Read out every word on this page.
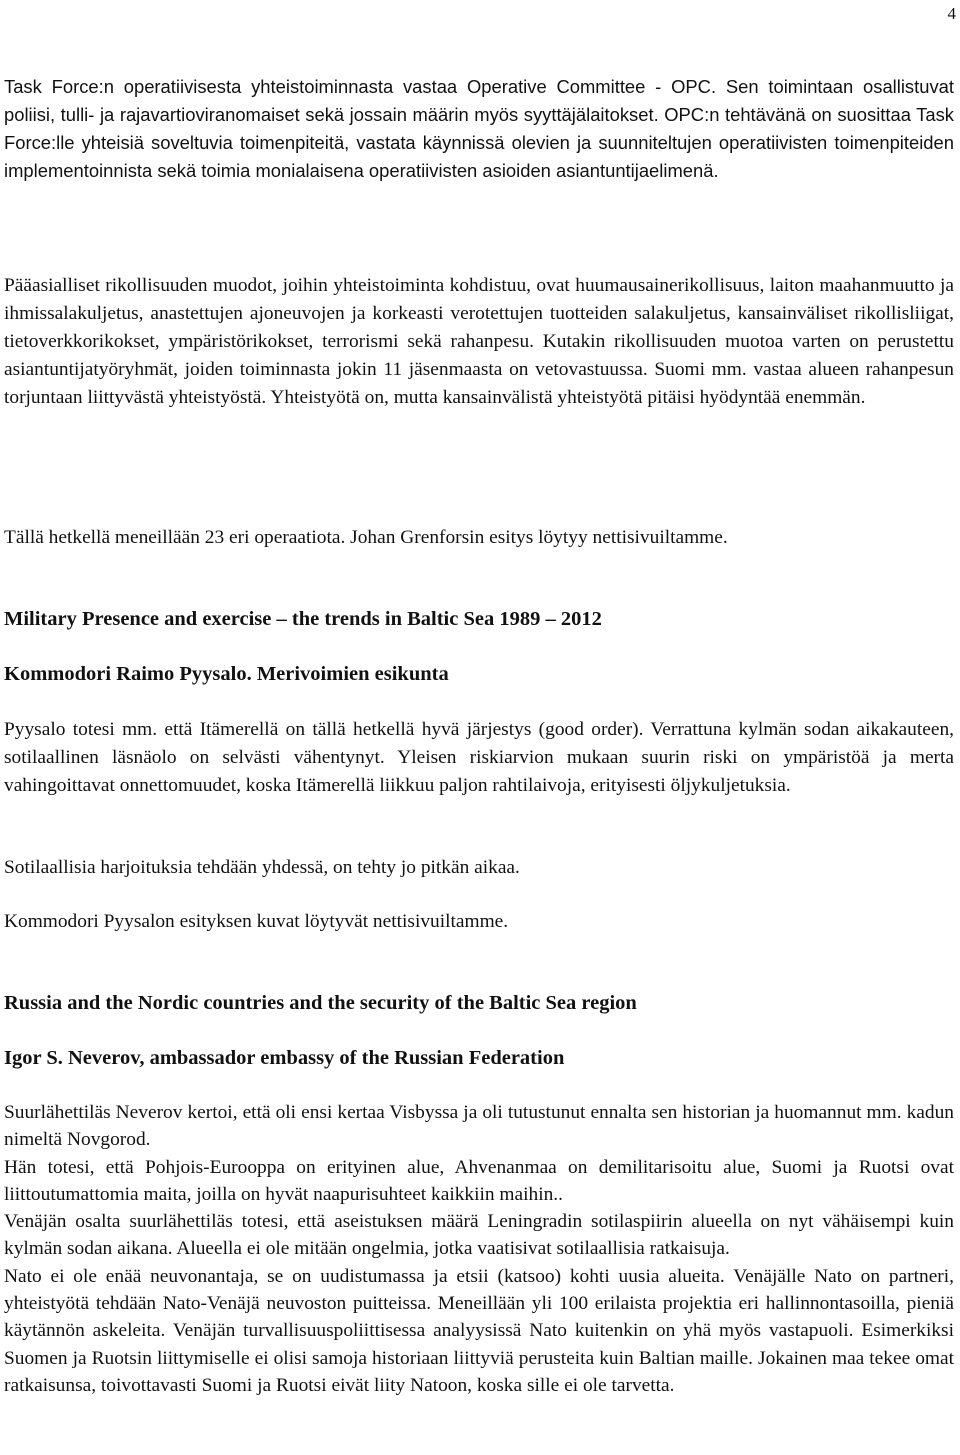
4

Task Force:n operatiivisesta yhteistoiminnasta vastaa Operative Committee - OPC. Sen toimintaan osallistuvat poliisi, tulli- ja rajavartioviranomaiset sekä jossain määrin myös syyttäjälaitokset. OPC:n tehtävänä on suosittaa Task Force:lle yhteisiä soveltuvia toimenpiteitä, vastata käynnissä olevien ja suunniteltujen operatiivisten toimenpiteiden implementoinnista sekä toimia monialaisena operatiivisten asioiden asiantuntijaelimenä.

Pääasialliset rikollisuuden muodot, joihin yhteistoiminta kohdistuu, ovat huumausainerikollisuus, laiton maahanmuutto ja ihmissalakuljetus, anastettujen ajoneuvojen ja korkeasti verotettujen tuotteiden salakuljetus, kansainväliset rikollisliigat, tietoverkkorikokset, ympäristörikokset, terrorismi sekä rahanpesu. Kutakin rikollisuuden muotoa varten on perustettu asiantuntijatyöryhmät, joiden toiminnasta jokin 11 jäsenmaasta on vetovastuussa. Suomi mm. vastaa alueen rahanpesun torjuntaan liittyvästä yhteistyöstä. Yhteistyötä on, mutta kansainvälistä yhteistyötä pitäisi hyödyntää enemmän.

Tällä hetkellä meneillään 23 eri operaatiota. Johan Grenforsin esitys löytyy nettisivuiltamme.

Military Presence and exercise – the trends in Baltic Sea 1989 – 2012
Kommodori Raimo Pyysalo. Merivoimien esikunta

Pyysalo totesi mm. että Itämerellä on tällä hetkellä hyvä järjestys (good order). Verrattuna kylmän sodan aikakauteen, sotilaallinen läsnäolo on selvästi vähentynyt. Yleisen riskiarvion mukaan suurin riski on ympäristöä ja merta vahingoittavat onnettomuudet, koska Itämerellä liikkuu paljon rahtilaivoja, erityisesti öljykuljetuksia.

Sotilaallisia harjoituksia tehdään yhdessä, on tehty jo pitkän aikaa.

Kommodori Pyysalon esityksen kuvat löytyvät nettisivuiltamme.

Russia and the Nordic countries and the security of the Baltic Sea region
Igor S. Neverov, ambassador embassy of the Russian Federation

Suurlähettiläs Neverov kertoi, että oli ensi kertaa Visbyssa ja oli tutustunut ennalta sen historian ja huomannut mm. kadun nimeltä Novgorod.

Hän totesi, että Pohjois-Eurooppa on erityinen alue, Ahvenanmaa on demilitarisoitu alue, Suomi ja Ruotsi ovat liittoutumattomia maita, joilla on hyvät naapurisuhteet kaikkiin maihin..

Venäjän osalta suurlähettiläs totesi, että aseistuksen määrä Leningradin sotilaspiirin alueella on nyt vähäisempi kuin kylmän sodan aikana. Alueella ei ole mitään ongelmia, jotka vaatisivat sotilaallisia ratkaisuja.

Nato ei ole enää neuvonantaja, se on uudistumassa ja etsii (katsoo) kohti uusia alueita. Venäjälle Nato on partneri, yhteistyötä tehdään Nato-Venäjä neuvoston puitteissa. Meneillään yli 100 erilaista projektia eri hallinnontasoilla, pieniä käytännön askeleita. Venäjän turvallisuuspoliittisessa analyysissä Nato kuitenkin on yhä myös vastapuoli. Esimerkiksi Suomen ja Ruotsin liittymiselle ei olisi samoja historiaan liittyviä perusteita kuin Baltian maille. Jokainen maa tekee omat ratkaisunsa, toivottavasti Suomi ja Ruotsi eivät liity Natoon, koska sille ei ole tarvetta.
